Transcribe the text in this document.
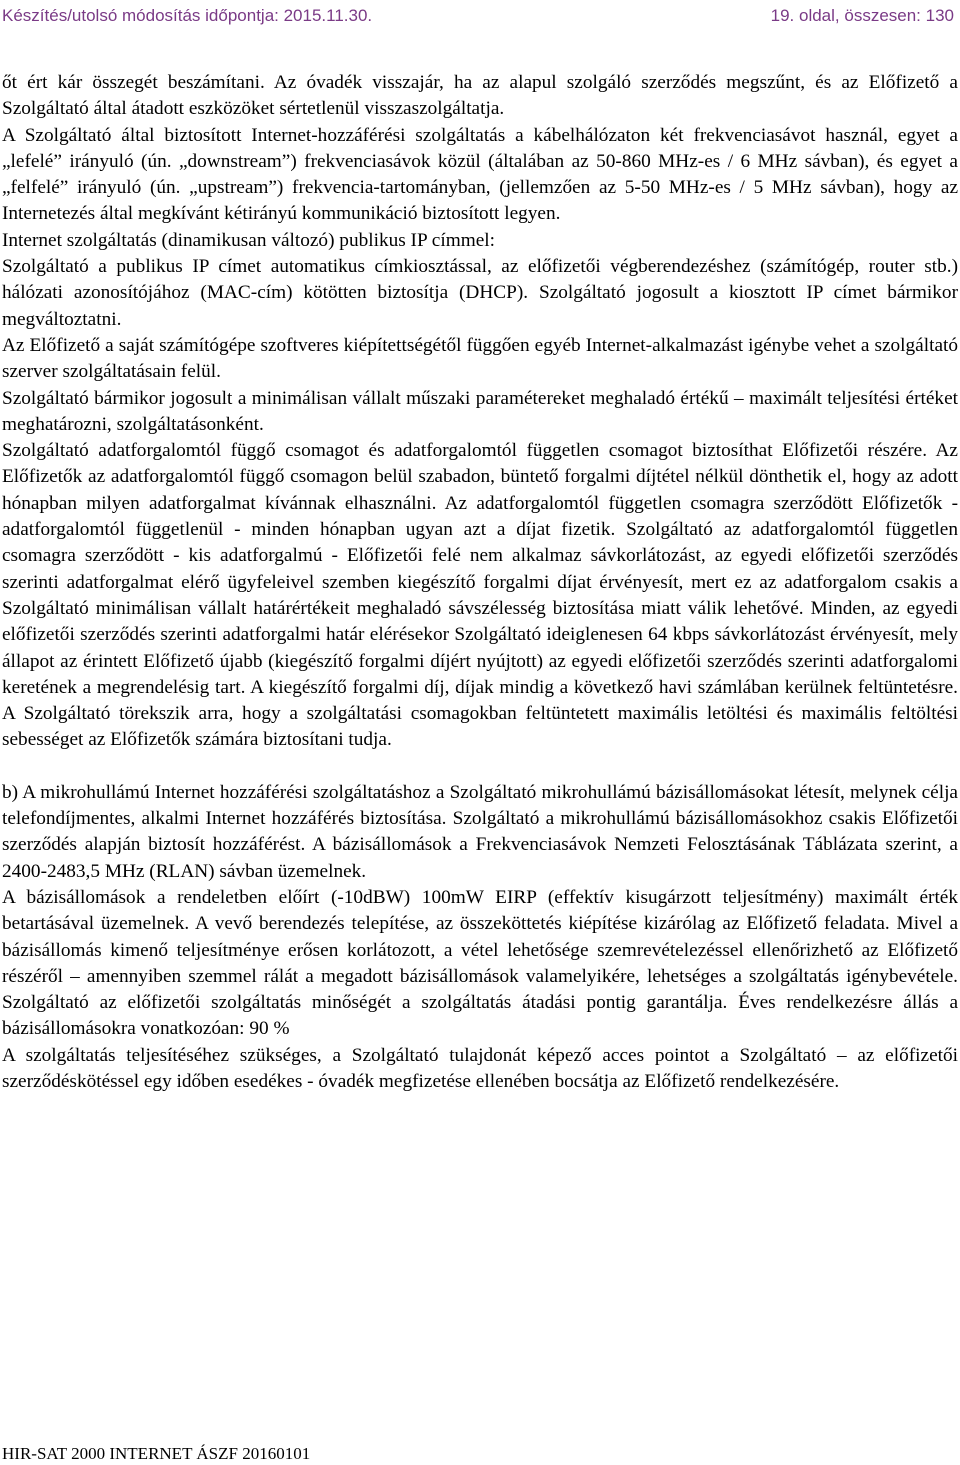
Készítés/utolsó módosítás időpontja: 2015.11.30.	19. oldal, összesen: 130

őt ért kár összegét beszámítani. Az óvadék visszajár, ha az alapul szolgáló szerződés megszűnt, és az Előfizető a Szolgáltató által átadott eszközöket sértetlenül visszaszolgáltatja.

A Szolgáltató által biztosított Internet-hozzáférési szolgáltatás a kábelhálózaton két frekvenciasávot használ, egyet a „lefelé” irányuló (ún. „downstream”) frekvenciasávok közül (általában az 50-860 MHz-es / 6 MHz sávban), és egyet a „felfelé” irányuló (ún. „upstream”) frekvencia-tartományban, (jellemzően az 5-50 MHz-es / 5 MHz sávban), hogy az Internetezés által megkívánt kétirányú kommunikáció biztosított legyen.

Internet szolgáltatás (dinamikusan változó) publikus IP címmel:

Szolgáltató a publikus IP címet automatikus címkiosztással, az előfizetői végberendezéshez (számítógép, router stb.) hálózati azonosítójához (MAC-cím) kötötten biztosítja (DHCP). Szolgáltató jogosult a kiosztott IP címet bármikor megváltoztatni.

Az Előfizető a saját számítógépe szoftveres kiépítettségétől függően egyéb Internet-alkalmazást igénybe vehet a szolgáltató szerver szolgáltatásain felül.

Szolgáltató bármikor jogosult a minimálisan vállalt műszaki paramétereket meghaladó értékű – maximált teljesítési értéket meghatározni, szolgáltatásonként.

Szolgáltató adatforgalomtól függő csomagot és adatforgalomtól független csomagot biztosíthat Előfizetői részére. Az Előfizetők az adatforgalomtól függő csomagon belül szabadon, büntető forgalmi díjtétel nélkül dönthetik el, hogy az adott hónapban milyen adatforgalmat kívánnak elhasználni. Az adatforgalomtól független csomagra szerződött Előfizetők - adatforgalomtól függetlenül - minden hónapban ugyan azt a díjat fizetik. Szolgáltató az adatforgalomtól független csomagra szerződött - kis adatforgalmú - Előfizetői felé nem alkalmaz sávkorlátozást, az egyedi előfizetői szerződés szerinti adatforgalmat elérő ügyfeleivel szemben kiegészítő forgalmi díjat érvényesít, mert ez az adatforgalom csakis a Szolgáltató minimálisan vállalt határértékeit meghaladó sávszélesség biztosítása miatt válik lehetővé. Minden, az egyedi előfizetői szerződés szerinti adatforgalmi határ elérésekor Szolgáltató ideiglenesen 64 kbps sávkorlátozást érvényesít, mely állapot az érintett Előfizető újabb (kiegészítő forgalmi díjért nyújtott) az egyedi előfizetői szerződés szerinti adatforgalomi keretének a megrendelésig tart. A kiegészítő forgalmi díj, díjak mindig a következő havi számlában kerülnek feltüntetésre. A Szolgáltató törekszik arra, hogy a szolgáltatási csomagokban feltüntetett maximális letöltési és maximális feltöltési sebességet az Előfizetők számára biztosítani tudja.

b) A mikrohullámú Internet hozzáférési szolgáltatáshoz a Szolgáltató mikrohullámú bázisállomásokat létesít, melynek célja telefondíjmentes, alkalmi Internet hozzáférés biztosítása. Szolgáltató a mikrohullámú bázisállomásokhoz csakis Előfizetői szerződés alapján biztosít hozzáférést. A bázisállomások a Frekvenciasávok Nemzeti Felosztásának Táblázata szerint, a 2400-2483,5 MHz (RLAN) sávban üzemelnek.

A bázisállomások a rendeletben előírt (-10dBW) 100mW EIRP (effektív kisugárzott teljesítmény) maximált érték betartásával üzemelnek. A vevő berendezés telepítése, az összeköttetés kiépítése kizárólag az Előfizető feladata. Mivel a bázisállomás kimenő teljesítménye erősen korlátozott, a vétel lehetősége szemrevételezéssel ellenőrizhető az Előfizető részéről – amennyiben szemmel rálát a megadott bázisállomások valamelyikére, lehetséges a szolgáltatás igénybevétele. Szolgáltató az előfizetői szolgáltatás minőségét a szolgáltatás átadási pontig garantálja. Éves rendelkezésre állás a bázisállomásokra vonatkozóan: 90 %

A szolgáltatás teljesítéséhez szükséges, a Szolgáltató tulajdonát képező acces pointot a Szolgáltató – az előfizetői szerződéskötéssel egy időben esedékes - óvadék megfizetése ellenében bocsátja az Előfizető rendelkezésére.

HIR-SAT 2000 INTERNET ÁSZF 20160101
